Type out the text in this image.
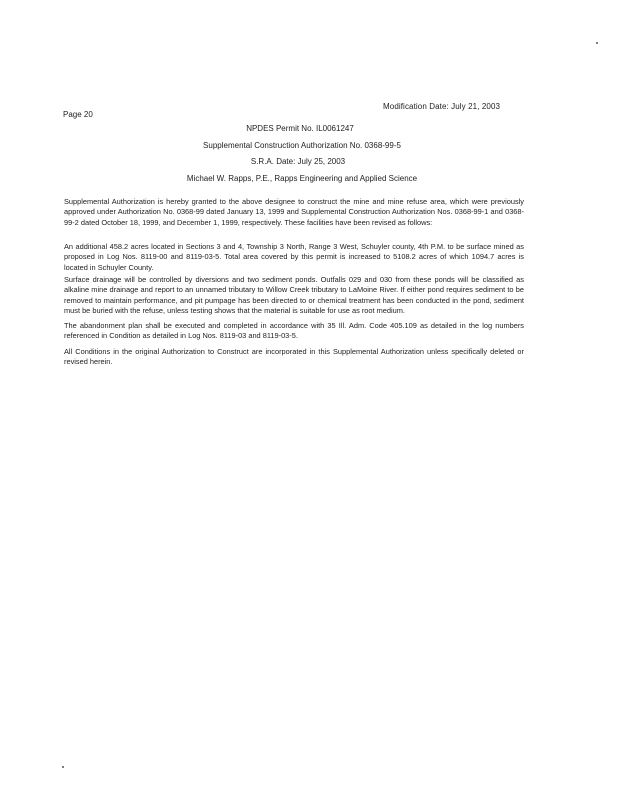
Modification Date: July 21, 2003
Page 20
NPDES Permit No. IL0061247
Supplemental Construction Authorization No. 0368-99-5
S.R.A. Date: July 25, 2003
Michael W. Rapps, P.E., Rapps Engineering and Applied Science
Supplemental Authorization is hereby granted to the above designee to construct the mine and mine refuse area, which were previously approved under Authorization No. 0368-99 dated January 13, 1999 and Supplemental Construction Authorization Nos. 0368-99-1 and 0368-99-2 dated October 18, 1999, and December 1, 1999, respectively. These facilities have been revised as follows:
An additional 458.2 acres located in Sections 3 and 4, Township 3 North, Range 3 West, Schuyler county, 4th P.M. to be surface mined as proposed in Log Nos. 8119-00 and 8119-03-5. Total area covered by this permit is increased to 5108.2 acres of which 1094.7 acres is located in Schuyler County.
Surface drainage will be controlled by diversions and two sediment ponds. Outfalls 029 and 030 from these ponds will be classified as alkaline mine drainage and report to an unnamed tributary to Willow Creek tributary to LaMoine River. If either pond requires sediment to be removed to maintain performance, and pit pumpage has been directed to or chemical treatment has been conducted in the pond, sediment must be buried with the refuse, unless testing shows that the material is suitable for use as root medium.
The abandonment plan shall be executed and completed in accordance with 35 Ill. Adm. Code 405.109 as detailed in the log numbers referenced in Condition as detailed in Log Nos. 8119-03 and 8119-03-5.
All Conditions in the original Authorization to Construct are incorporated in this Supplemental Authorization unless specifically deleted or revised herein.
